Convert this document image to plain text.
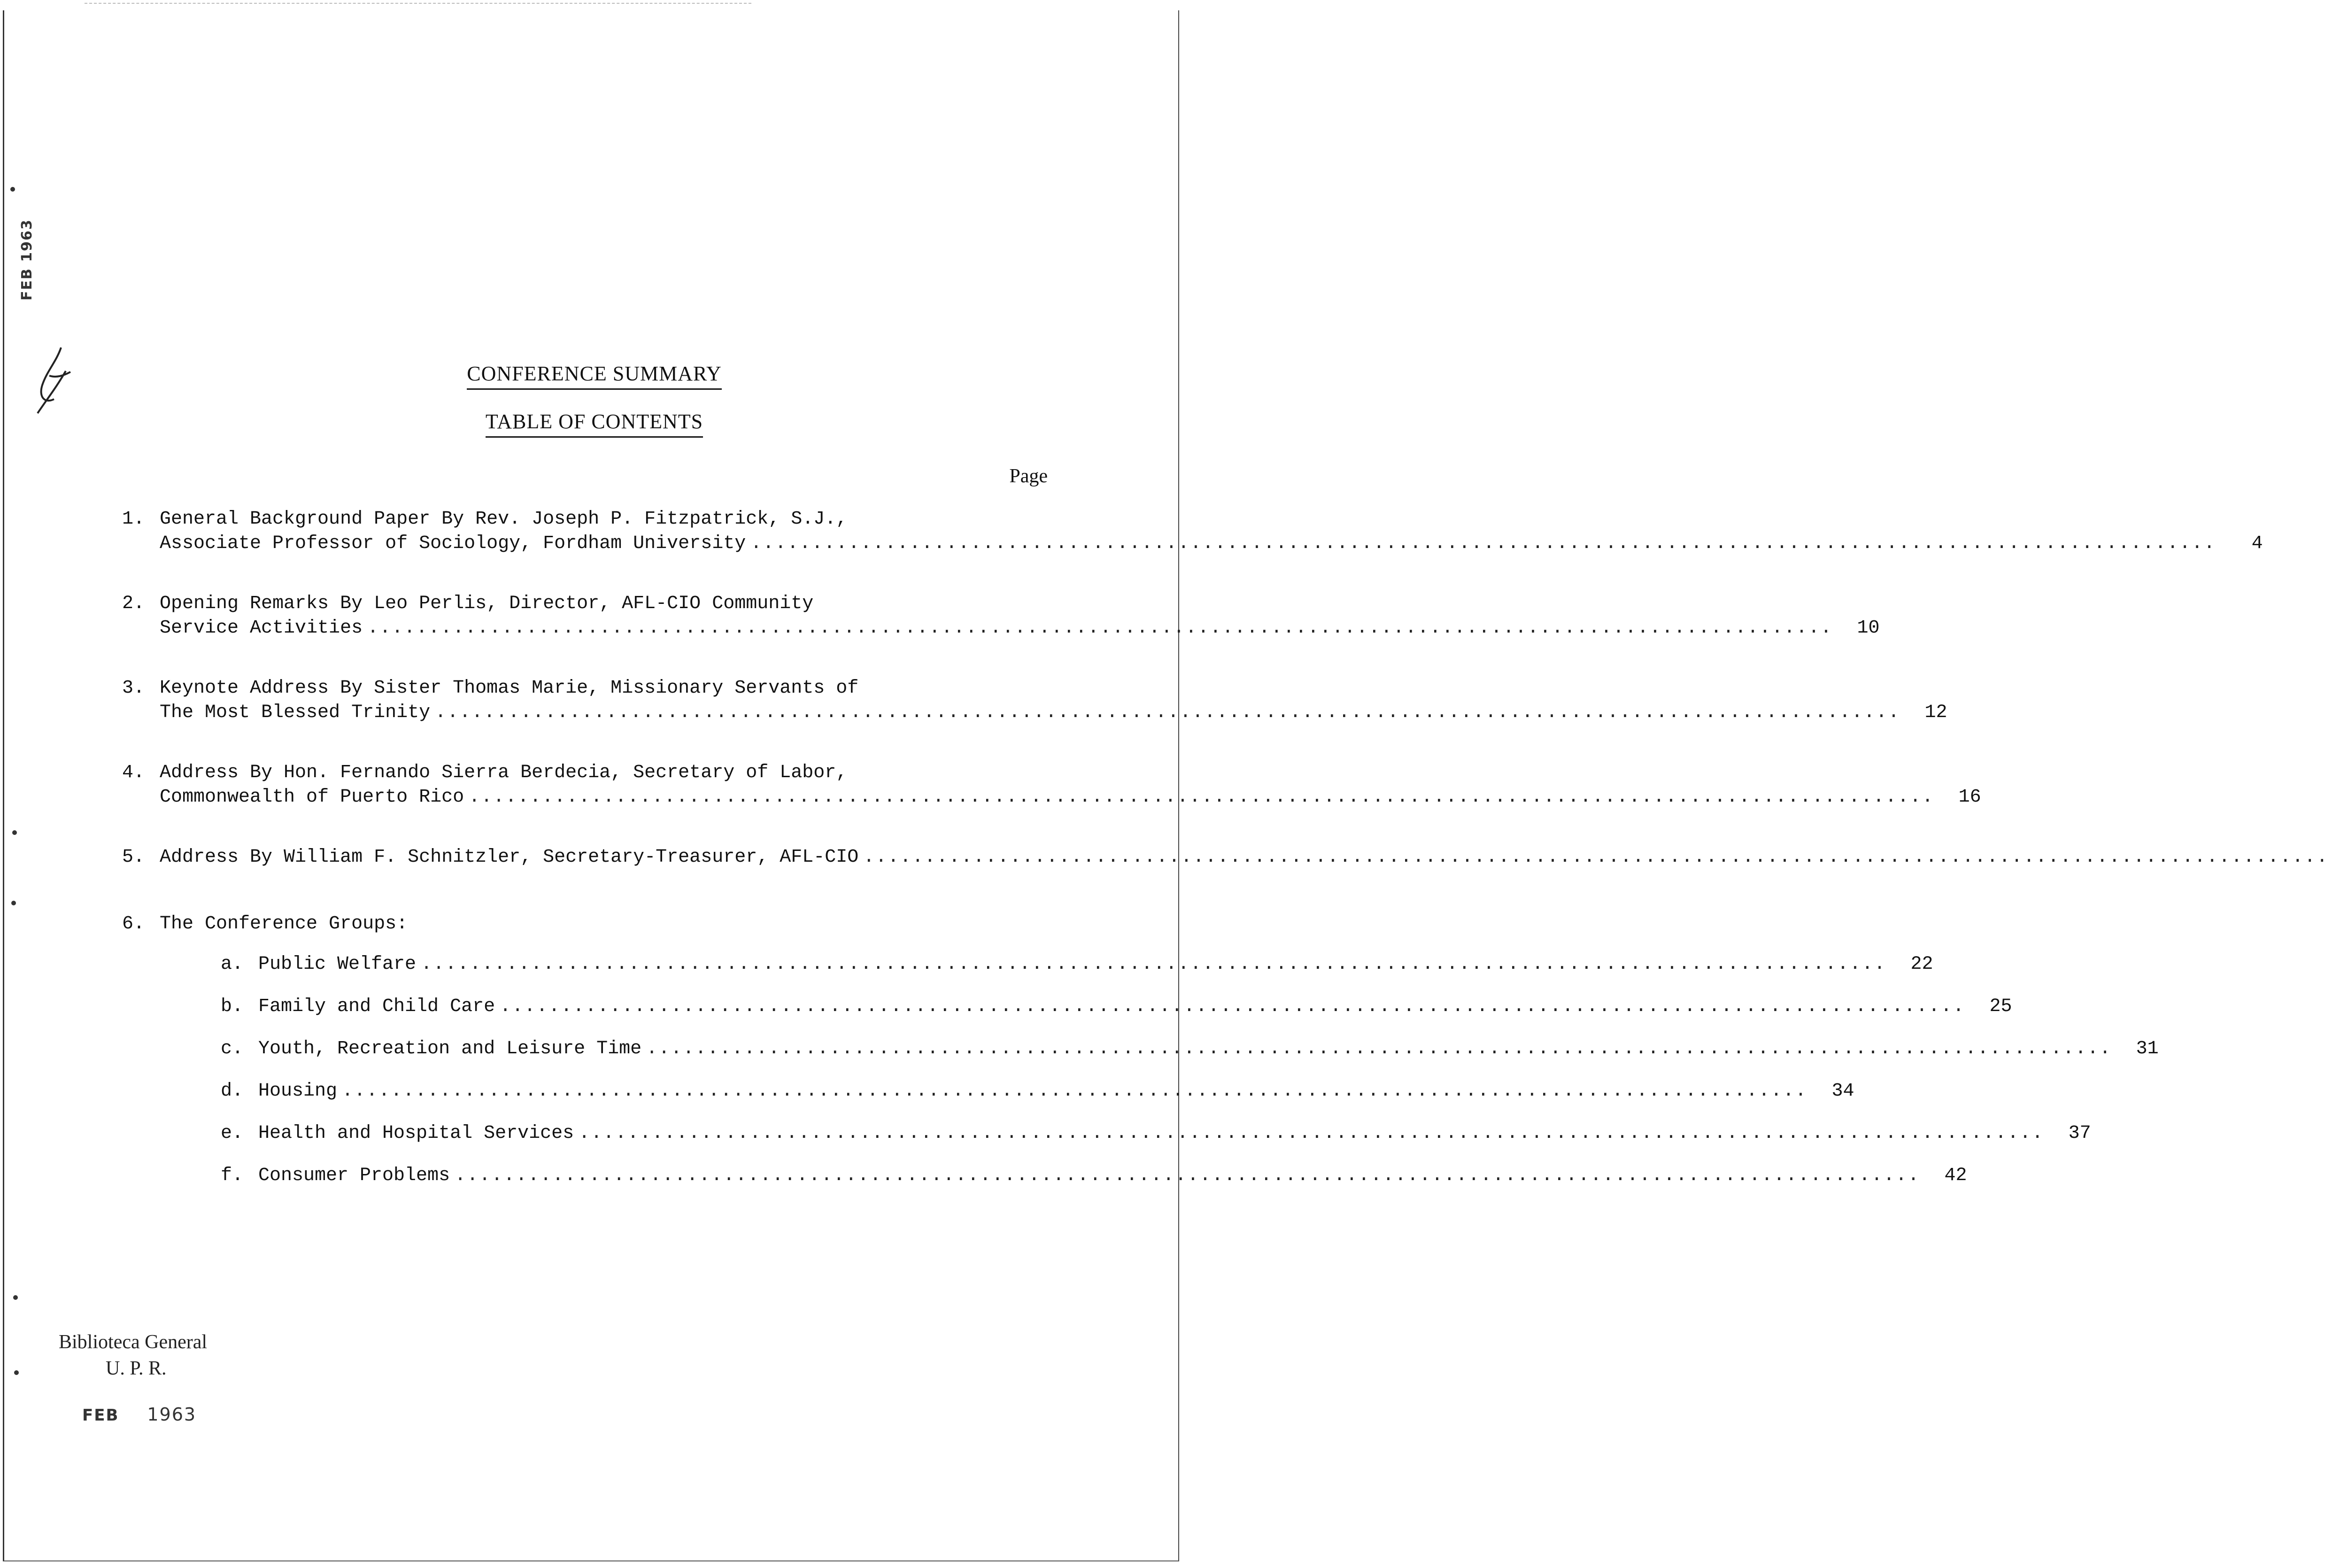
CONFERENCE SUMMARY
TABLE OF CONTENTS
Page
1. General Background Paper By Rev. Joseph P. Fitzpatrick, S.J.,
Associate Professor of Sociology, Fordham University ........................................................................................................................	4
2. Opening Remarks By Leo Perlis, Director, AFL-CIO Community
Service Activities ........................................................................................................................	10
3. Keynote Address By Sister Thomas Marie, Missionary Servants of
The Most Blessed Trinity ........................................................................................................................	12
4. Address By Hon. Fernando Sierra Berdecia, Secretary of Labor,
Commonwealth of Puerto Rico ........................................................................................................................	16
5. Address By William F. Schnitzler, Secretary-Treasurer, AFL-CIO ........................................................................................................................
6. The Conference Groups:
a. Public Welfare ........................................................................................................................	22
b. Family and Child Care ........................................................................................................................	25
c. Youth, Recreation and Leisure Time ........................................................................................................................	31
d. Housing ........................................................................................................................	34
e. Health and Hospital Services ........................................................................................................................	37
f. Consumer Problems ........................................................................................................................	42
Biblioteca General
U. P. R.
FEB 1963
FEB 1963
